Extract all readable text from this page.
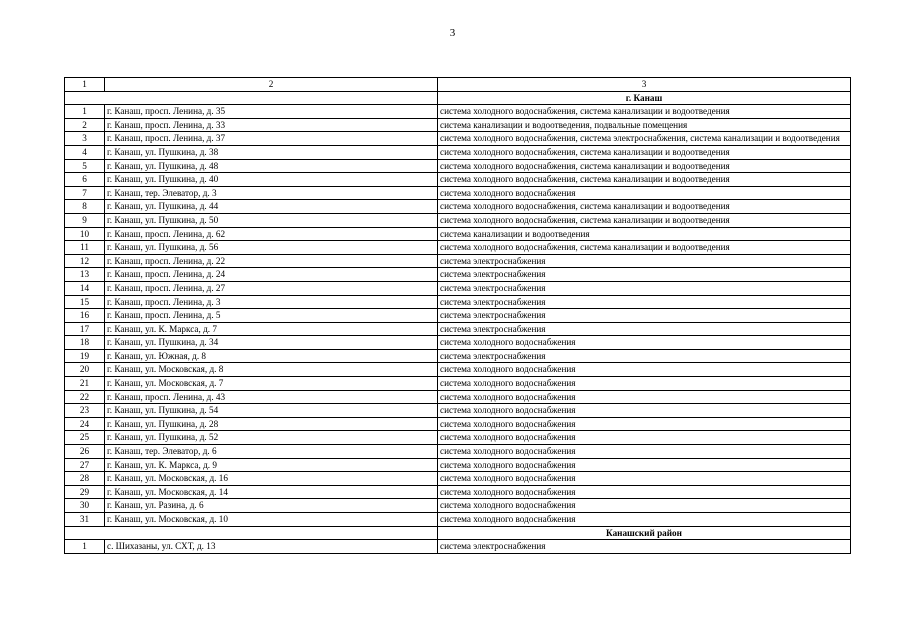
3
1	2	3
		г. Канаш
1	г. Канаш, просп. Ленина, д. 35	система холодного водоснабжения, система канализации и водоотведения
2	г. Канаш, просп. Ленина, д. 33	система канализации и водоотведения, подвальные помещения
3	г. Канаш, просп. Ленина, д. 37	система холодного водоснабжения, система электроснабжения, система канализации и водоотведения
4	г. Канаш, ул. Пушкина, д. 38	система холодного водоснабжения, система канализации и водоотведения
5	г. Канаш, ул. Пушкина, д. 48	система холодного водоснабжения, система канализации и водоотведения
6	г. Канаш, ул. Пушкина, д. 40	система холодного водоснабжения, система канализации и водоотведения
7	г. Канаш, тер. Элеватор, д. 3	система холодного водоснабжения
8	г. Канаш, ул. Пушкина, д. 44	система холодного водоснабжения, система канализации и водоотведения
9	г. Канаш, ул. Пушкина, д. 50	система холодного водоснабжения, система канализации и водоотведения
10	г. Канаш, просп. Ленина, д. 62	система канализации и водоотведения
11	г. Канаш, ул. Пушкина, д. 56	система холодного водоснабжения, система канализации и водоотведения
12	г. Канаш, просп. Ленина, д. 22	система электроснабжения
13	г. Канаш, просп. Ленина, д. 24	система электроснабжения
14	г. Канаш, просп. Ленина, д. 27	система электроснабжения
15	г. Канаш, просп. Ленина, д. 3	система электроснабжения
16	г. Канаш, просп. Ленина, д. 5	система электроснабжения
17	г. Канаш, ул. К. Маркса, д. 7	система электроснабжения
18	г. Канаш, ул. Пушкина, д. 34	система холодного водоснабжения
19	г. Канаш, ул. Южная, д. 8	система электроснабжения
20	г. Канаш, ул. Московская, д. 8	система холодного водоснабжения
21	г. Канаш, ул. Московская, д. 7	система холодного водоснабжения
22	г. Канаш, просп. Ленина, д. 43	система холодного водоснабжения
23	г. Канаш, ул. Пушкина, д. 54	система холодного водоснабжения
24	г. Канаш, ул. Пушкина, д. 28	система холодного водоснабжения
25	г. Канаш, ул. Пушкина, д. 52	система холодного водоснабжения
26	г. Канаш, тер. Элеватор, д. 6	система холодного водоснабжения
27	г. Канаш, ул. К. Маркса, д. 9	система холодного водоснабжения
28	г. Канаш, ул. Московская, д. 16	система холодного водоснабжения
29	г. Канаш, ул. Московская, д. 14	система холодного водоснабжения
30	г. Канаш, ул. Разина, д. 6	система холодного водоснабжения
31	г. Канаш, ул. Московская, д. 10	система холодного водоснабжения
		Канашский район
1	с. Шихазаны, ул. СХТ, д. 13	система электроснабжения
